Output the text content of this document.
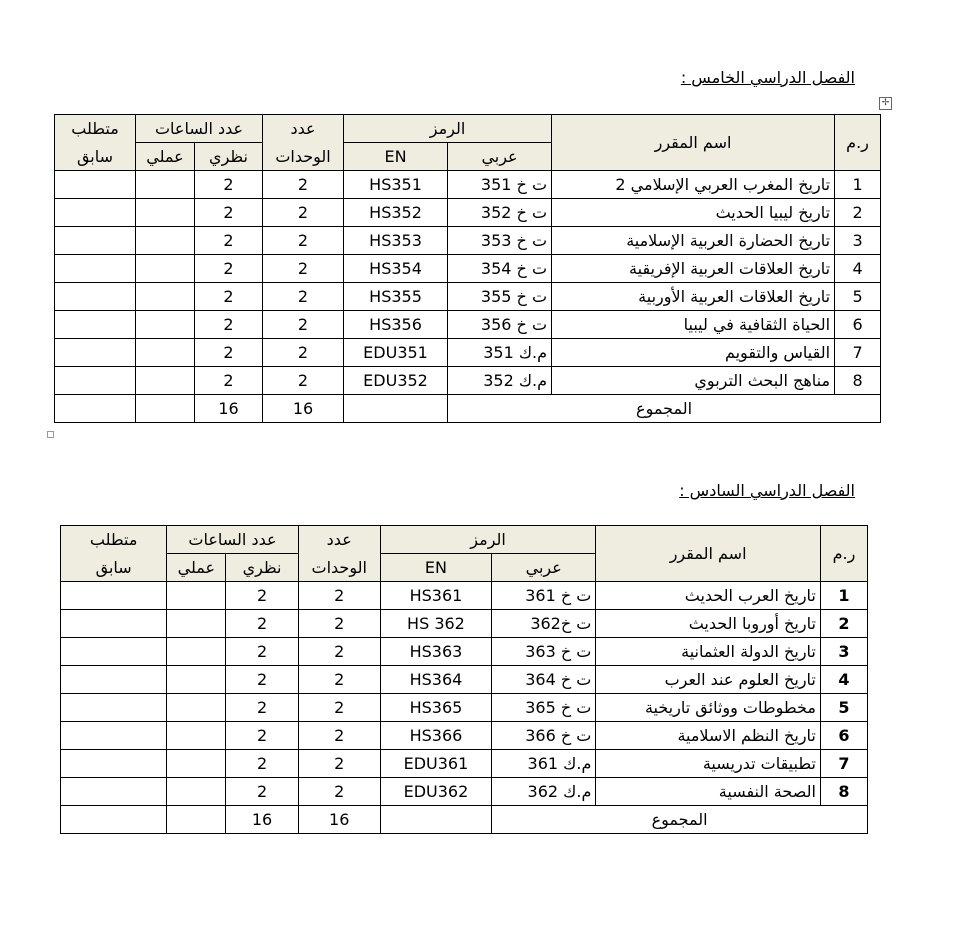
الفصل الدراسي الخامس :
✢
ر.م	اسم المقرر	الرمز		عدد	عدد الساعات		متطلب
		عربي	EN	الوحدات	نظري	عملي	سابق
1	تاريخ المغرب العربي الإسلامي 2	ت خ 351	HS351	2	2		
2	تاريخ ليبيا الحديث	ت خ 352	HS352	2	2		
3	تاريخ الحضارة العربية الإسلامية	ت خ 353	HS353	2	2		
4	تاريخ العلاقات العربية الإفريقية	ت خ 354	HS354	2	2		
5	تاريخ العلاقات العربية الأوربية	ت خ 355	HS355	2	2		
6	الحياة الثقافية في ليبيا	ت خ 356	HS356	2	2		
7	القياس والتقويم	م.ك 351	EDU351	2	2		
8	مناهج البحث التربوي	م.ك 352	EDU352	2	2		
المجموع				16	16		
الفصل الدراسي السادس :
ر.م	اسم المقرر	الرمز		عدد	عدد الساعات		متطلب
		عربي	EN	الوحدات	نظري	عملي	سابق
1	تاريخ العرب الحديث	ت خ 361	HS361	2	2		
2	تاريخ أوروبا الحديث	ت خ362	HS 362	2	2		
3	تاريخ الدولة العثمانية	ت خ 363	HS363	2	2		
4	تاريخ العلوم عند العرب	ت خ 364	HS364	2	2		
5	مخطوطات ووثائق تاريخية	ت خ 365	HS365	2	2		
6	تاريخ النظم الاسلامية	ت خ 366	HS366	2	2		
7	تطبيقات تدريسية	م.ك 361	EDU361	2	2		
8	الصحة النفسية	م.ك 362	EDU362	2	2		
المجموع				16	16		
